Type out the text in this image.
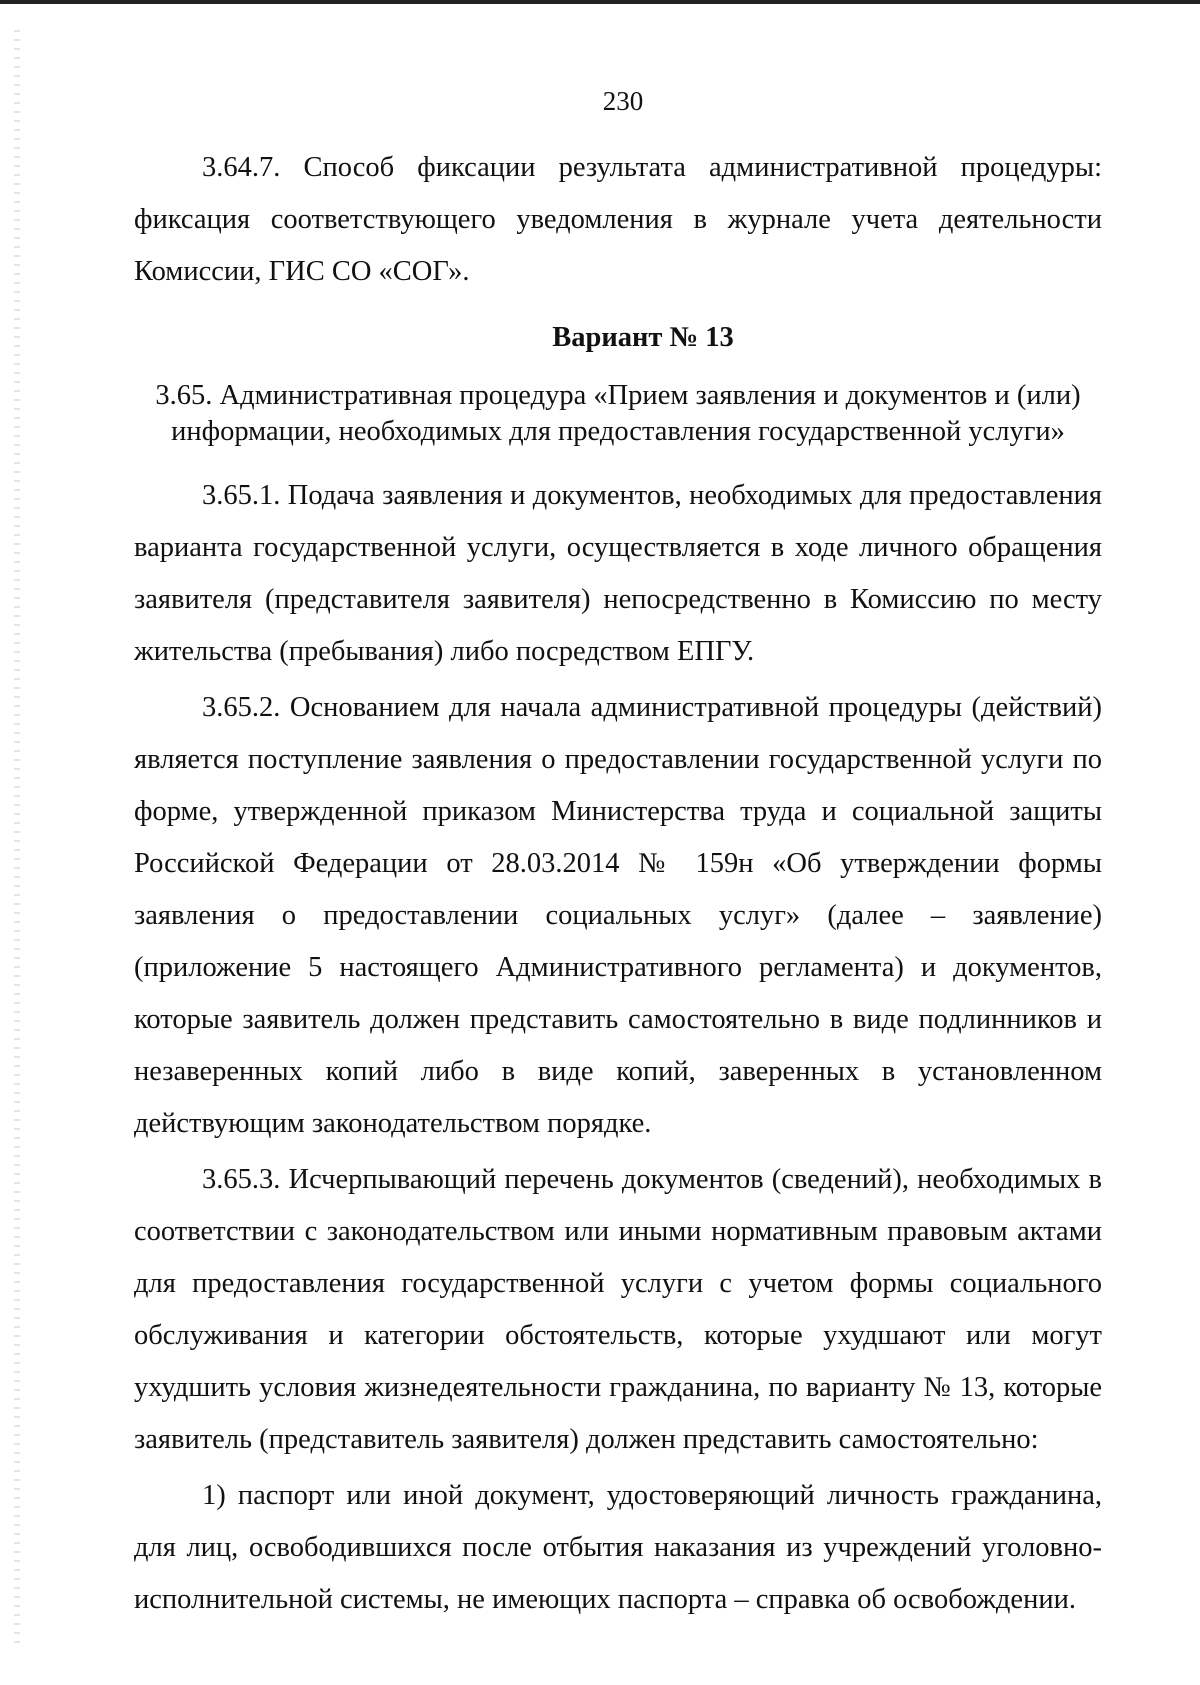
230

3.64.7. Способ фиксации результата административной процедуры: фиксация соответствующего уведомления в журнале учета деятельности Комиссии, ГИС СО «СОГ».

Вариант № 13
3.65. Административная процедура «Прием заявления и документов и (или) информации, необходимых для предоставления государственной услуги»

3.65.1. Подача заявления и документов, необходимых для предоставления варианта государственной услуги, осуществляется в ходе личного обращения заявителя (представителя заявителя) непосредственно в Комиссию по месту жительства (пребывания) либо посредством ЕПГУ.

3.65.2. Основанием для начала административной процедуры (действий) является поступление заявления о предоставлении государственной услуги по форме, утвержденной приказом Министерства труда и социальной защиты Российской Федерации от 28.03.2014 № 159н «Об утверждении формы заявления о предоставлении социальных услуг» (далее – заявление) (приложение 5 настоящего Административного регламента) и документов, которые заявитель должен представить самостоятельно в виде подлинников и незаверенных копий либо в виде копий, заверенных в установленном действующим законодательством порядке.

3.65.3. Исчерпывающий перечень документов (сведений), необходимых в соответствии с законодательством или иными нормативным правовым актами для предоставления государственной услуги с учетом формы социального обслуживания и категории обстоятельств, которые ухудшают или могут ухудшить условия жизнедеятельности гражданина, по варианту № 13, которые заявитель (представитель заявителя) должен представить самостоятельно:

1) паспорт или иной документ, удостоверяющий личность гражданина, для лиц, освободившихся после отбытия наказания из учреждений уголовно-исполнительной системы, не имеющих паспорта – справка об освобождении.
